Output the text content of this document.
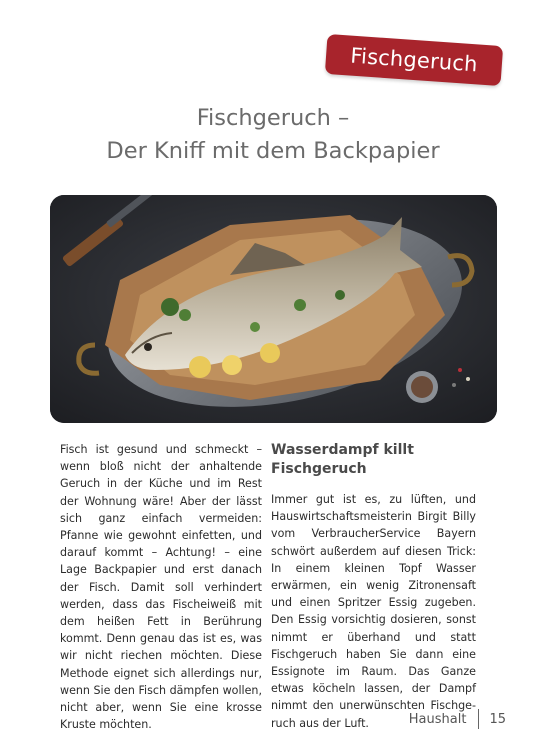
Fischgeruch
Fischgeruch –
Der Kniff mit dem Backpapier

Fisch ist gesund und schmeckt – wenn bloß nicht der anhaltende Geruch in der Küche und im Rest der Wohnung wäre! Aber der lässt sich ganz einfach vermeiden: Pfanne wie gewohnt einfetten, und darauf kommt – Achtung! – eine Lage Backpapier und erst danach der Fisch. Damit soll verhindert werden, dass das Fischeiweiß mit dem heißen Fett in Berührung kommt. Denn genau das ist es, was wir nicht riechen möchten. Diese Methode eignet sich allerdings nur, wenn Sie den Fisch dämpfen wollen, nicht aber, wenn Sie eine krosse Kruste möchten.

Wasserdampf killt Fischgeruch

Immer gut ist es, zu lüften, und Hauswirtschaftsmeisterin Birgit Billy vom VerbraucherService Bayern schwört außerdem auf diesen Trick: In einem kleinen Topf Wasser erwärmen, ein wenig Zitronensaft und einen Spritzer Essig zugeben. Den Essig vorsichtig dosieren, sonst nimmt er überhand und statt Fischgeruch haben Sie dann eine Essignote im Raum. Das Ganze etwas köcheln lassen, der Dampf nimmt den unerwünschten Fischgeruch aus der Luft.	Haushalt 15
